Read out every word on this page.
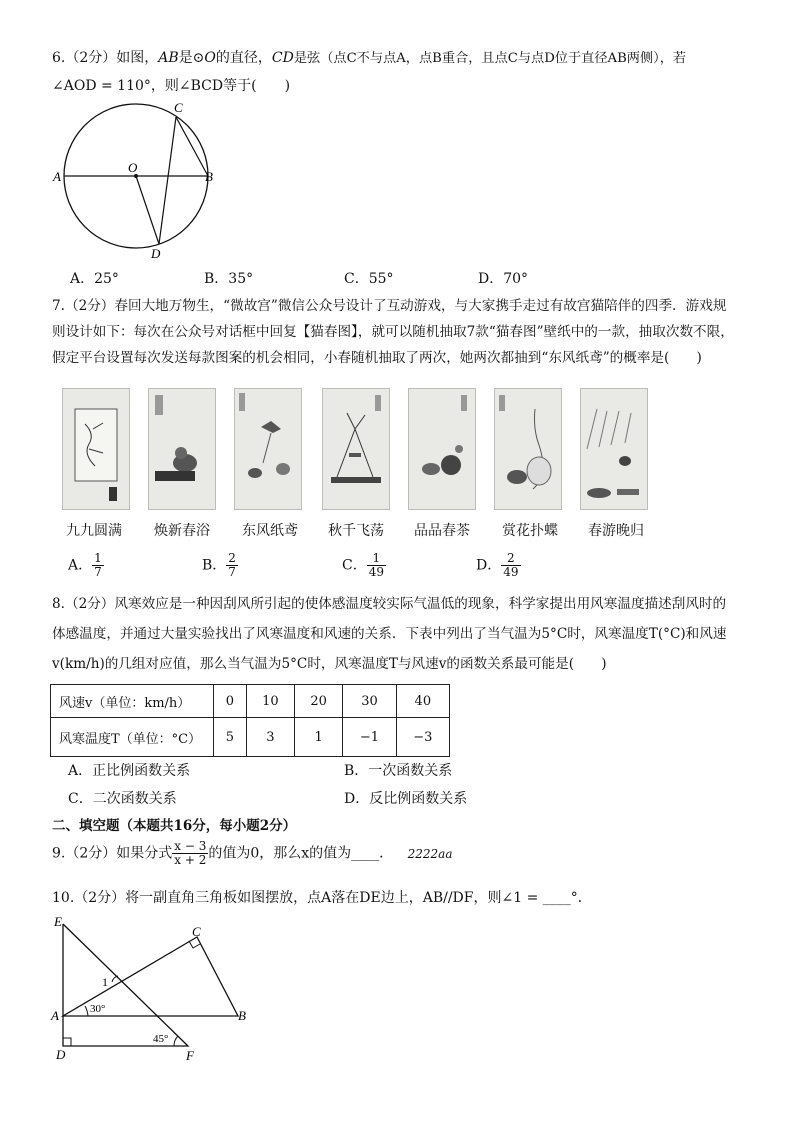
6.（2分）如图，AB是⊙O的直径，CD是弦（点C不与点A，点B重合，且点C与点D位于直径AB两侧），若
∠AOD = 110°，则∠BCD等于(　　)
A	B
C
D
O
A．25°	B．35°	C．55°	D．70°
7.（2分）春回大地万物生，“微故宫”微信公众号设计了互动游戏，与大家携手走过有故宫猫陪伴的四季．游戏规
则设计如下：每次在公众号对话框中回复【猫春图】，就可以随机抽取7款“猫春图”壁纸中的一款，抽取次数不限，
假定平台设置每次发送每款图案的机会相同，小春随机抽取了两次，她两次都抽到“东风纸鸢”的概率是(　　)
九九圆满 焕新春浴 东风纸鸢 秋千飞荡 品品春茶 赏花扑蝶 春游晚归
A． $\frac{1}{7}$	B． $\frac{2}{7}$	C． $\frac{1}{49}$	D． $\frac{2}{49}$
8.（2分）风寒效应是一种因刮风所引起的使体感温度较实际气温低的现象，科学家提出用风寒温度描述刮风时的
体感温度，并通过大量实验找出了风寒温度和风速的关系．下表中列出了当气温为5°C时，风寒温度T(°C)和风速
v(km/h)的几组对应值，那么当气温为5°C时，风寒温度T与风速v的函数关系最可能是(　　)
风速v（单位：km/h）	0	10	20	30	40
风寒温度T（单位：°C）	5	3	1	−1	−3
A．正比例函数关系	B．一次函数关系
C．二次函数关系	D．反比例函数关系
二、填空题（本题共16分，每小题2分）
9.（2分）如果分式 $\frac{x - 3}{x + 2}$ 的值为0，那么x的值为____． 2222aa
10.（2分）将一副直角三角板如图摆放，点A落在DE边上，AB//DF，则∠1 = ____°．
E
C
A	B
D	F
1
30°
45°
